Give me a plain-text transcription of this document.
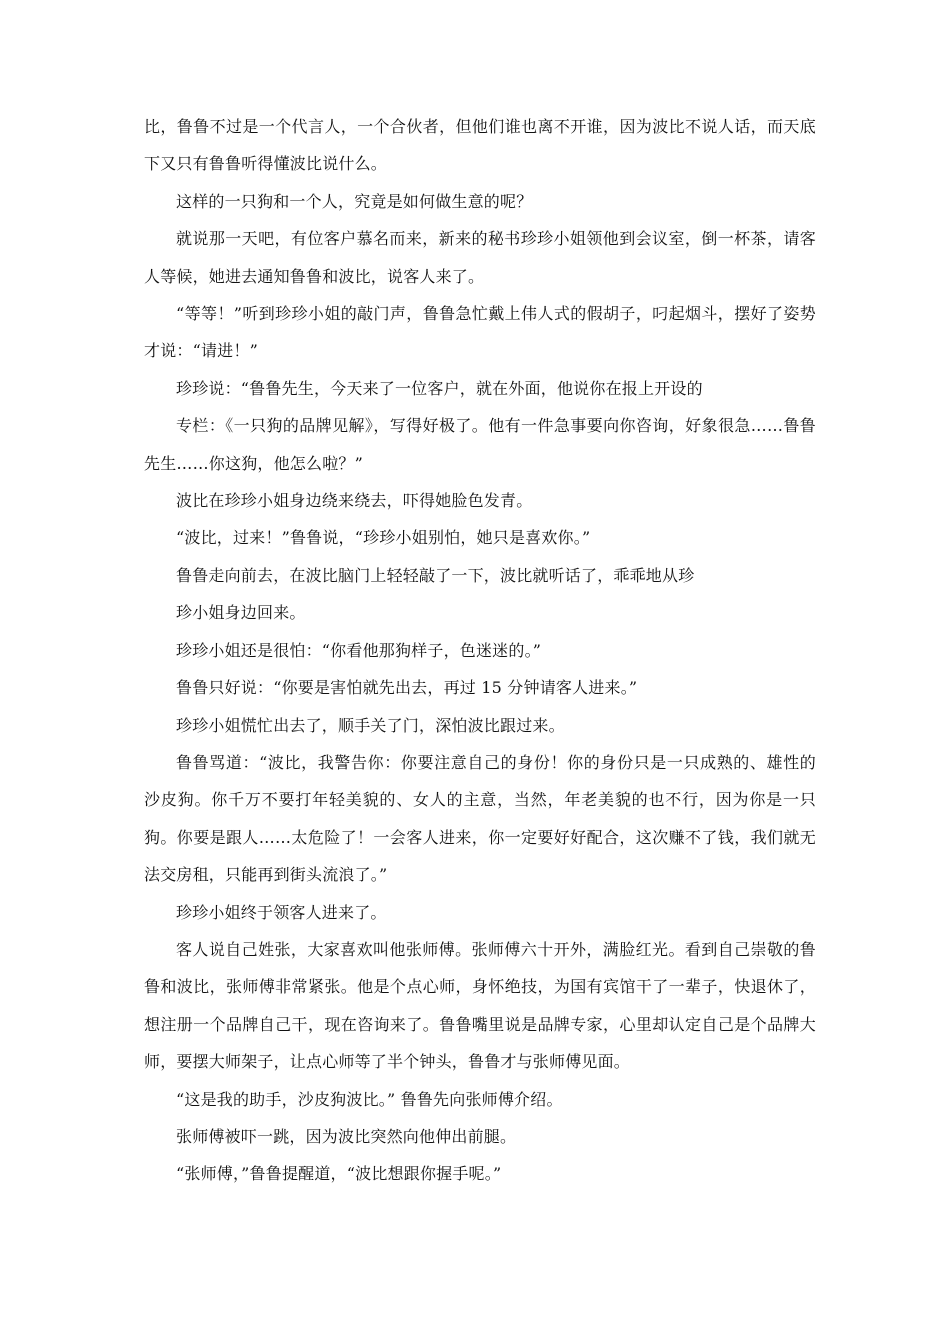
比，鲁鲁不过是一个代言人，一个合伙者，但他们谁也离不开谁，因为波比不说人话，而天底下又只有鲁鲁听得懂波比说什么。

这样的一只狗和一个人，究竟是如何做生意的呢？

就说那一天吧，有位客户慕名而来，新来的秘书珍珍小姐领他到会议室，倒一杯茶，请客人等候，她进去通知鲁鲁和波比，说客人来了。

“等等！”听到珍珍小姐的敲门声，鲁鲁急忙戴上伟人式的假胡子，叼起烟斗，摆好了姿势才说：“请进！”

珍珍说：“鲁鲁先生，今天来了一位客户，就在外面，他说你在报上开设的

专栏：《一只狗的品牌见解》，写得好极了。他有一件急事要向你咨询，好象很急……鲁鲁先生……你这狗，他怎么啦？”

波比在珍珍小姐身边绕来绕去，吓得她脸色发青。

“波比，过来！”鲁鲁说，“珍珍小姐别怕，她只是喜欢你。”

鲁鲁走向前去，在波比脑门上轻轻敲了一下，波比就听话了，乖乖地从珍

珍小姐身边回来。

珍珍小姐还是很怕：“你看他那狗样子，色迷迷的。”

鲁鲁只好说：“你要是害怕就先出去，再过 15 分钟请客人进来。”

珍珍小姐慌忙出去了，顺手关了门，深怕波比跟过来。

鲁鲁骂道：“波比，我警告你：你要注意自己的身份！你的身份只是一只成熟的、雄性的沙皮狗。你千万不要打年轻美貌的、女人的主意，当然，年老美貌的也不行，因为你是一只狗。你要是跟人……太危险了！一会客人进来，你一定要好好配合，这次赚不了钱，我们就无法交房租，只能再到街头流浪了。”

珍珍小姐终于领客人进来了。

客人说自己姓张，大家喜欢叫他张师傅。张师傅六十开外，满脸红光。看到自己崇敬的鲁鲁和波比，张师傅非常紧张。他是个点心师，身怀绝技，为国有宾馆干了一辈子，快退休了，想注册一个品牌自己干，现在咨询来了。鲁鲁嘴里说是品牌专家，心里却认定自己是个品牌大师，要摆大师架子，让点心师等了半个钟头，鲁鲁才与张师傅见面。

“这是我的助手，沙皮狗波比。” 鲁鲁先向张师傅介绍。

张师傅被吓一跳，因为波比突然向他伸出前腿。

“张师傅，”鲁鲁提醒道，“波比想跟你握手呢。”
